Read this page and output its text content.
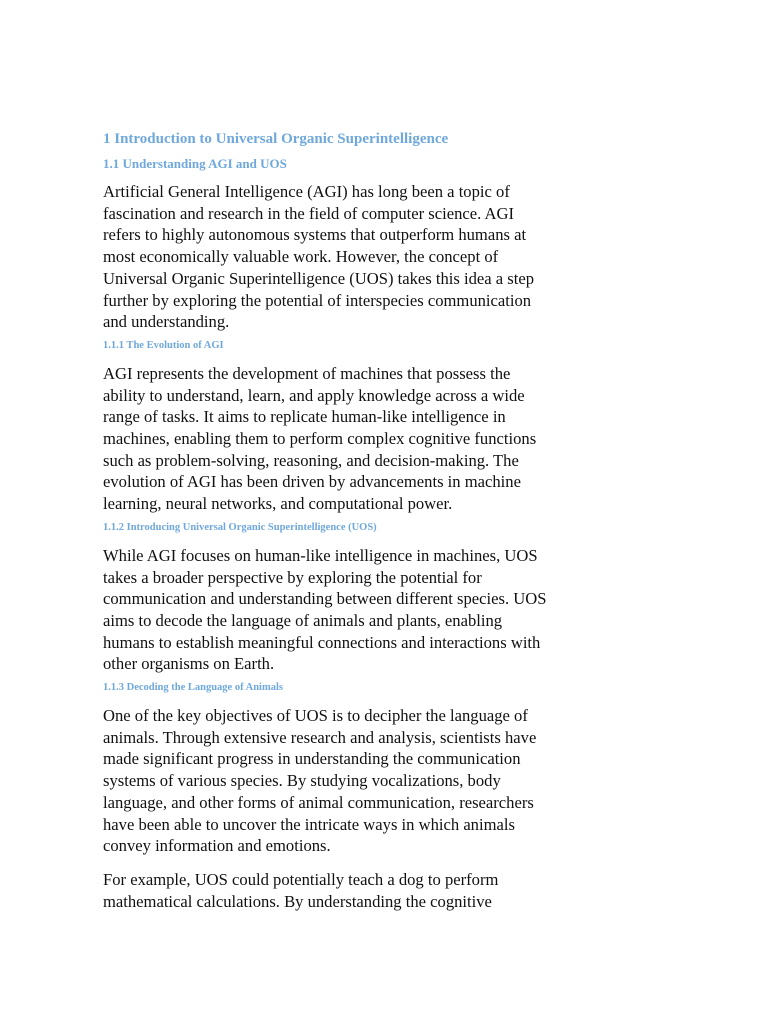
1 Introduction to Universal Organic Superintelligence
1.1 Understanding AGI and UOS

Artificial General Intelligence (AGI) has long been a topic of fascination and research in the field of computer science. AGI refers to highly autonomous systems that outperform humans at most economically valuable work. However, the concept of Universal Organic Superintelligence (UOS) takes this idea a step further by exploring the potential of interspecies communication and understanding.

1.1.1 The Evolution of AGI

AGI represents the development of machines that possess the ability to understand, learn, and apply knowledge across a wide range of tasks. It aims to replicate human-like intelligence in machines, enabling them to perform complex cognitive functions such as problem-solving, reasoning, and decision-making. The evolution of AGI has been driven by advancements in machine learning, neural networks, and computational power.

1.1.2 Introducing Universal Organic Superintelligence (UOS)

While AGI focuses on human-like intelligence in machines, UOS takes a broader perspective by exploring the potential for communication and understanding between different species. UOS aims to decode the language of animals and plants, enabling humans to establish meaningful connections and interactions with other organisms on Earth.

1.1.3 Decoding the Language of Animals

One of the key objectives of UOS is to decipher the language of animals. Through extensive research and analysis, scientists have made significant progress in understanding the communication systems of various species. By studying vocalizations, body language, and other forms of animal communication, researchers have been able to uncover the intricate ways in which animals convey information and emotions.

For example, UOS could potentially teach a dog to perform mathematical calculations. By understanding the cognitive
